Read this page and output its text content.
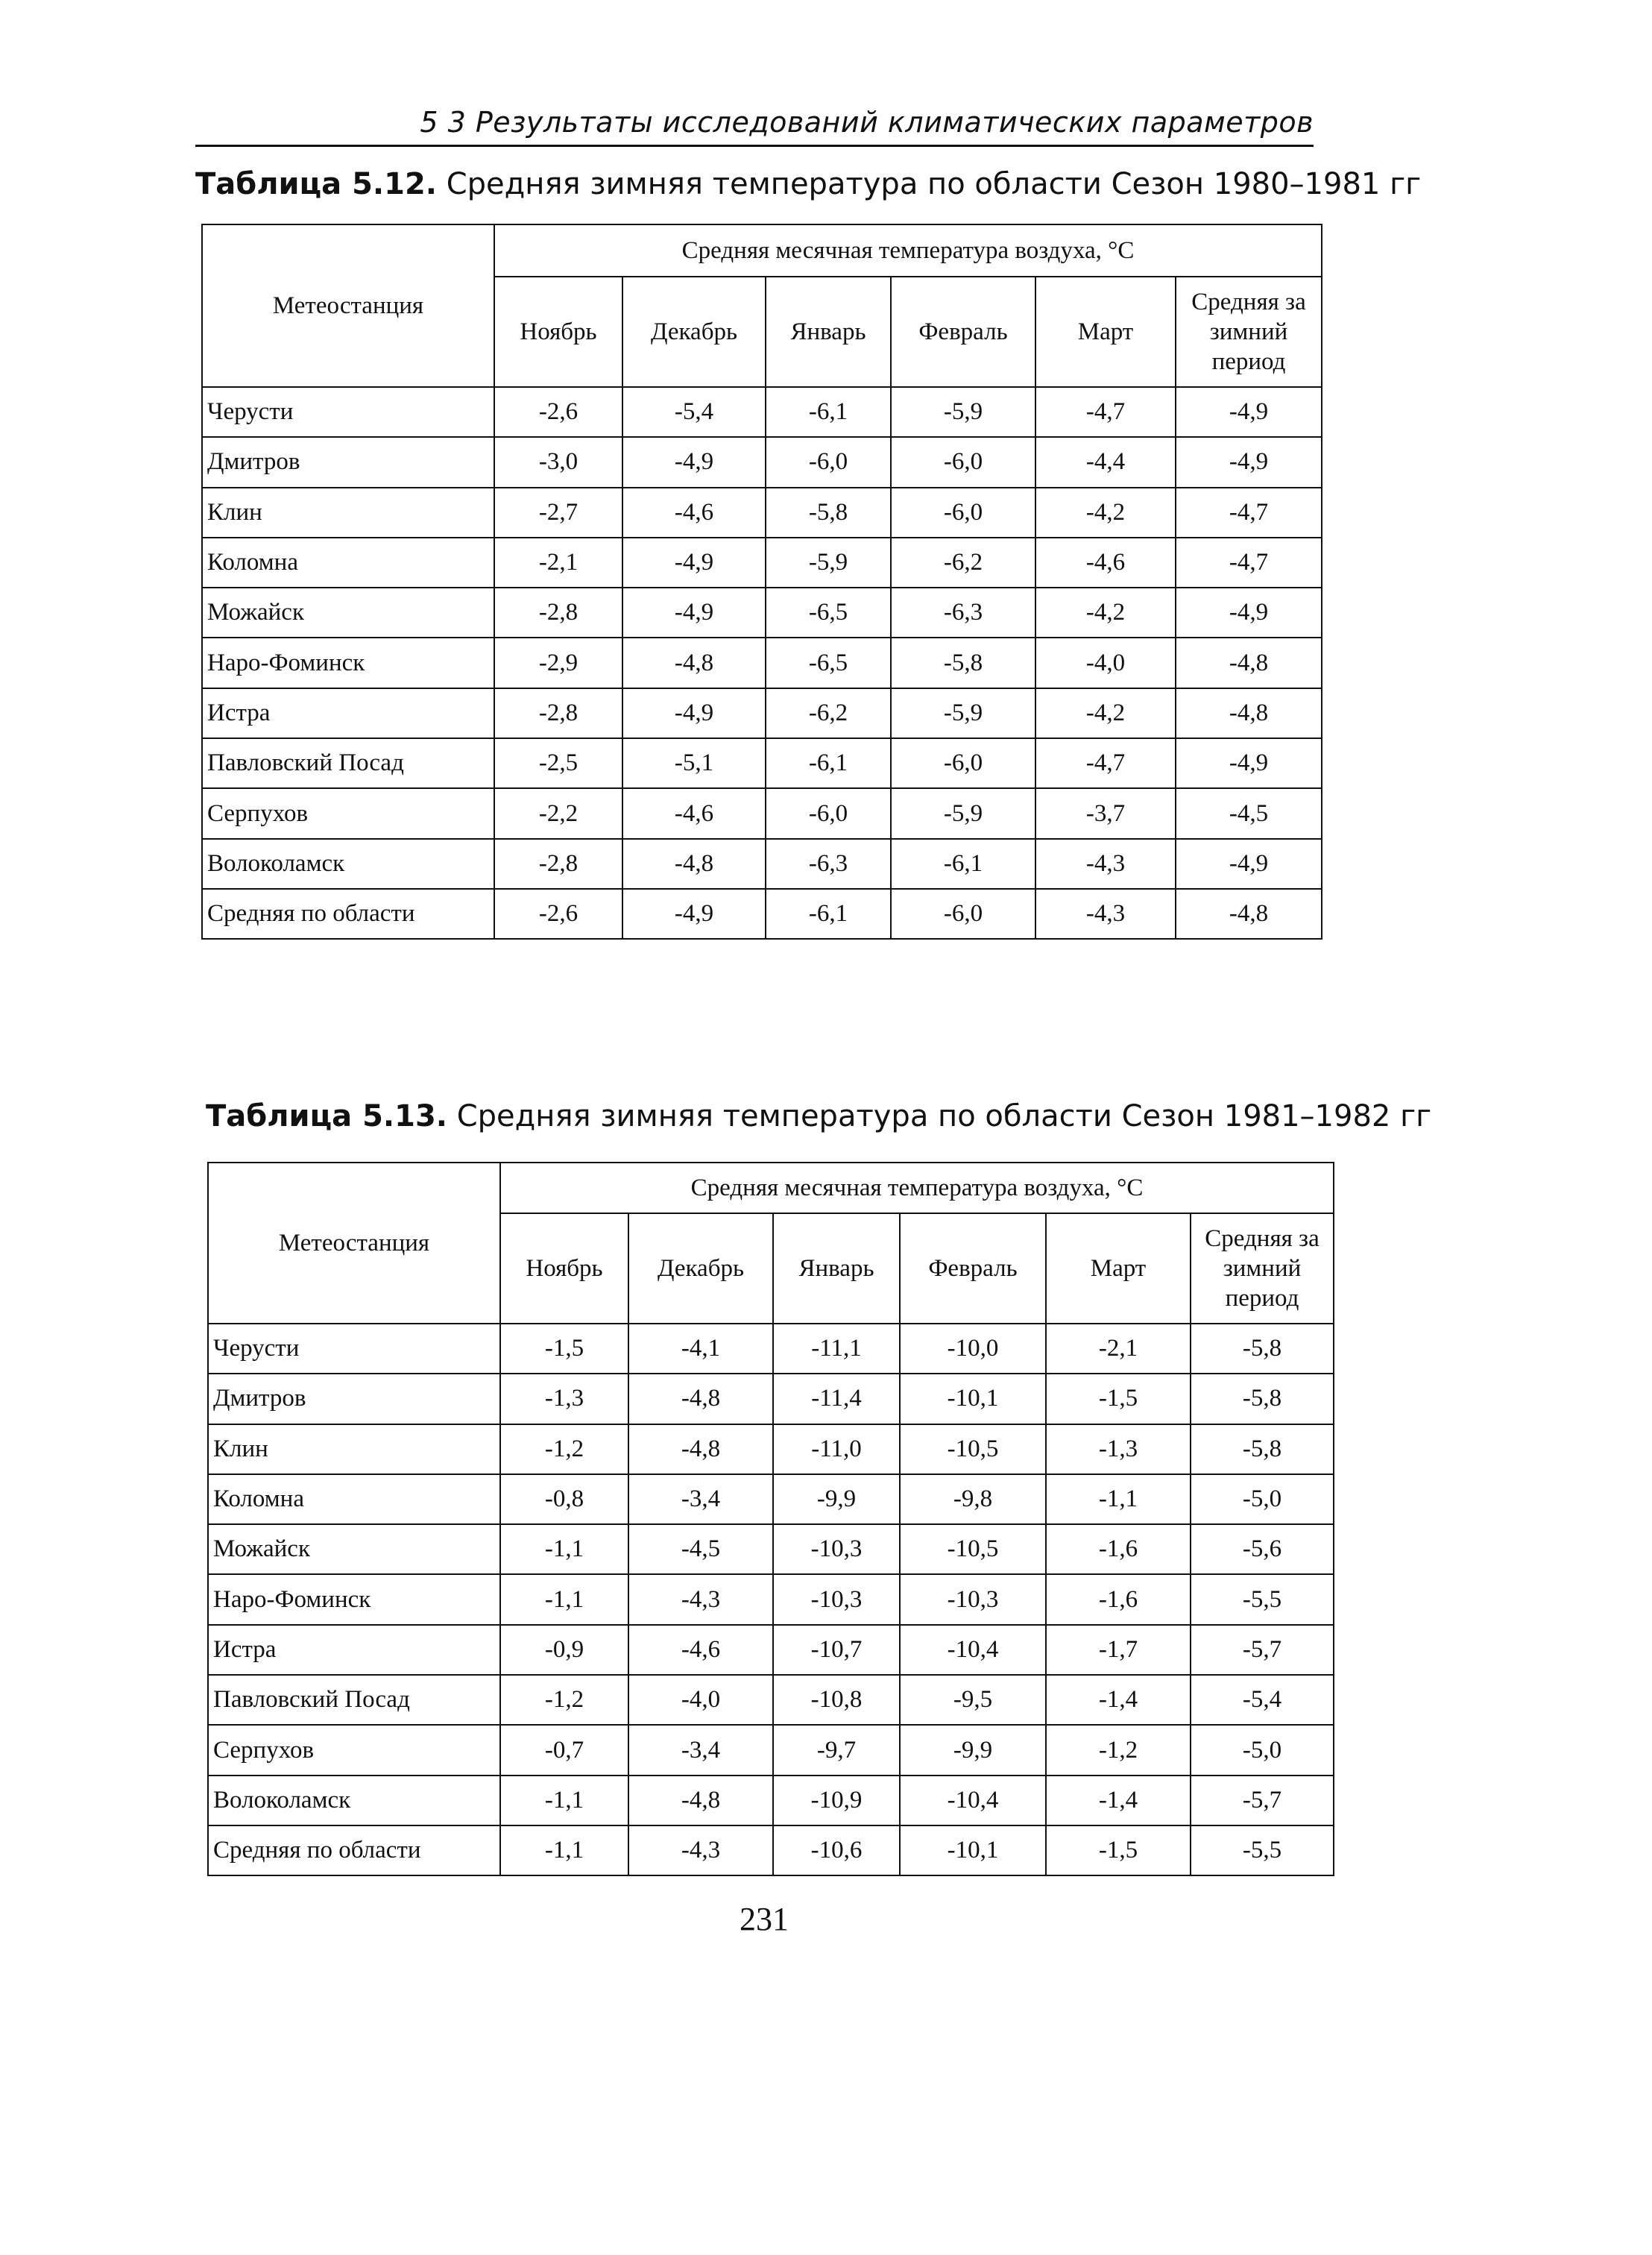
5 3 Результаты исследований климатических параметров
Таблица 5.12. Средняя зимняя температура по области Сезон 1980–1981 гг
Метеостанция	Средняя месячная температура воздуха, °С					
	Ноябрь	Декабрь	Январь	Февраль	Март	Средняя за зимний период
Черусти	-2,6	-5,4	-6,1	-5,9	-4,7	-4,9
Дмитров	-3,0	-4,9	-6,0	-6,0	-4,4	-4,9
Клин	-2,7	-4,6	-5,8	-6,0	-4,2	-4,7
Коломна	-2,1	-4,9	-5,9	-6,2	-4,6	-4,7
Можайск	-2,8	-4,9	-6,5	-6,3	-4,2	-4,9
Наро-Фоминск	-2,9	-4,8	-6,5	-5,8	-4,0	-4,8
Истра	-2,8	-4,9	-6,2	-5,9	-4,2	-4,8
Павловский Посад	-2,5	-5,1	-6,1	-6,0	-4,7	-4,9
Серпухов	-2,2	-4,6	-6,0	-5,9	-3,7	-4,5
Волоколамск	-2,8	-4,8	-6,3	-6,1	-4,3	-4,9
Средняя по области	-2,6	-4,9	-6,1	-6,0	-4,3	-4,8
Таблица 5.13. Средняя зимняя температура по области Сезон 1981–1982 гг
Метеостанция	Средняя месячная температура воздуха, °С					
	Ноябрь	Декабрь	Январь	Февраль	Март	Средняя за зимний период
Черусти	-1,5	-4,1	-11,1	-10,0	-2,1	-5,8
Дмитров	-1,3	-4,8	-11,4	-10,1	-1,5	-5,8
Клин	-1,2	-4,8	-11,0	-10,5	-1,3	-5,8
Коломна	-0,8	-3,4	-9,9	-9,8	-1,1	-5,0
Можайск	-1,1	-4,5	-10,3	-10,5	-1,6	-5,6
Наро-Фоминск	-1,1	-4,3	-10,3	-10,3	-1,6	-5,5
Истра	-0,9	-4,6	-10,7	-10,4	-1,7	-5,7
Павловский Посад	-1,2	-4,0	-10,8	-9,5	-1,4	-5,4
Серпухов	-0,7	-3,4	-9,7	-9,9	-1,2	-5,0
Волоколамск	-1,1	-4,8	-10,9	-10,4	-1,4	-5,7
Средняя по области	-1,1	-4,3	-10,6	-10,1	-1,5	-5,5
231
